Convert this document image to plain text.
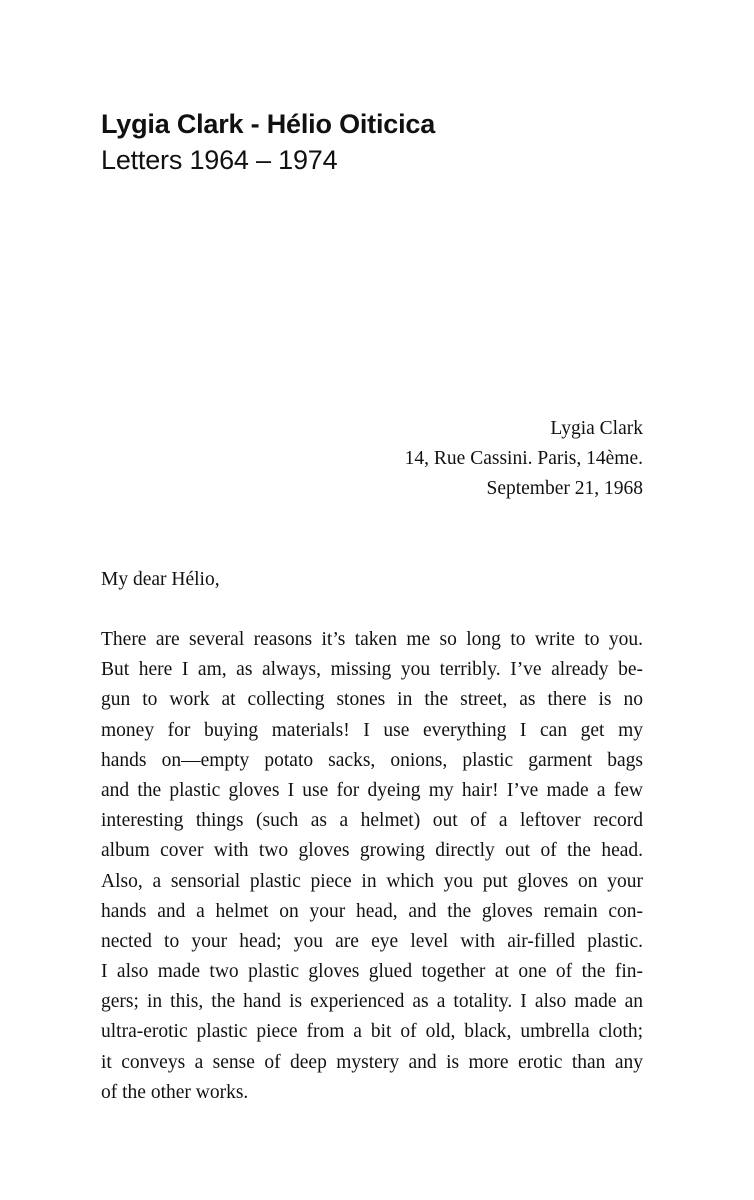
Lygia Clark - Hélio Oiticica
Letters 1964 – 1974
Lygia Clark
14, Rue Cassini. Paris, 14ème.
September 21, 1968
My dear Hélio,
There are several reasons it’s taken me so long to write to you.
But here I am, as always, missing you terribly. I’ve already be-
gun to work at collecting stones in the street, as there is no
money for buying materials! I use everything I can get my
hands on—empty potato sacks, onions, plastic garment bags
and the plastic gloves I use for dyeing my hair! I’ve made a few
interesting things (such as a helmet) out of a leftover record
album cover with two gloves growing directly out of the head.
Also, a sensorial plastic piece in which you put gloves on your
hands and a helmet on your head, and the gloves remain con-
nected to your head; you are eye level with air-filled plastic.
I also made two plastic gloves glued together at one of the fin-
gers; in this, the hand is experienced as a totality. I also made an
ultra-erotic plastic piece from a bit of old, black, umbrella cloth;
it conveys a sense of deep mystery and is more erotic than any
of the other works.
